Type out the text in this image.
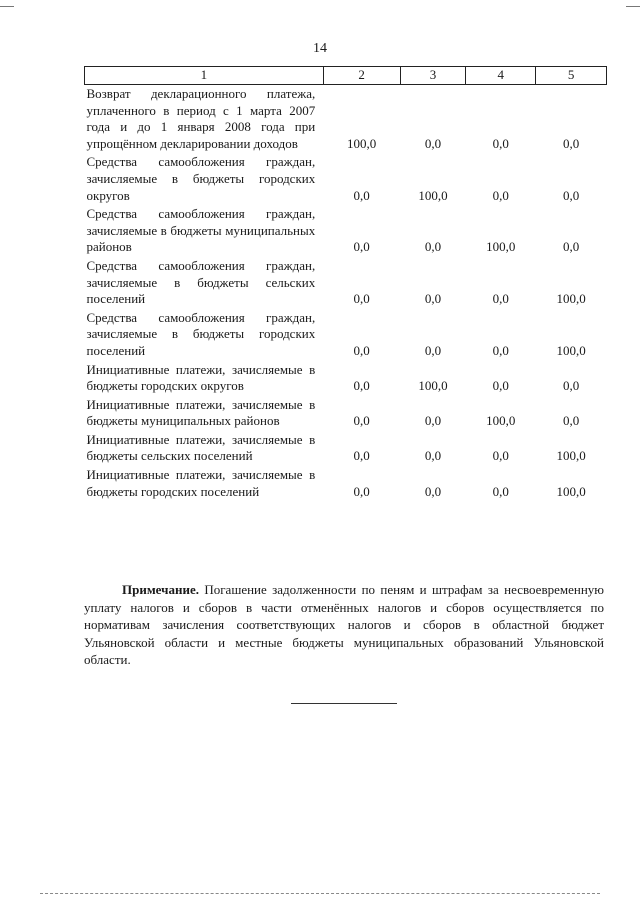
14
1	2	3	4	5
Возврат декларационного платежа, уплаченного в период с 1 марта 2007 года и до 1 января 2008 года при упрощённом декларировании доходов	100,0	0,0	0,0	0,0
Средства самообложения граждан, зачисляемые в бюджеты городских округов	0,0	100,0	0,0	0,0
Средства самообложения граждан, зачисляемые в бюджеты муниципальных районов	0,0	0,0	100,0	0,0
Средства самообложения граждан, зачисляемые в бюджеты сельских поселений	0,0	0,0	0,0	100,0
Средства самообложения граждан, зачисляемые в бюджеты городских поселений	0,0	0,0	0,0	100,0
Инициативные платежи, зачисляемые в бюджеты городских округов	0,0	100,0	0,0	0,0
Инициативные платежи, зачисляемые в бюджеты муниципальных районов	0,0	0,0	100,0	0,0
Инициативные платежи, зачисляемые в бюджеты сельских поселений	0,0	0,0	0,0	100,0
Инициативные платежи, зачисляемые в бюджеты городских поселений	0,0	0,0	0,0	100,0

Примечание. Погашение задолженности по пеням и штрафам за несвоевременную уплату налогов и сборов в части отменённых налогов и сборов осуществляется по нормативам зачисления соответствующих налогов и сборов в областной бюджет Ульяновской области и местные бюджеты муниципальных образований Ульяновской области.
